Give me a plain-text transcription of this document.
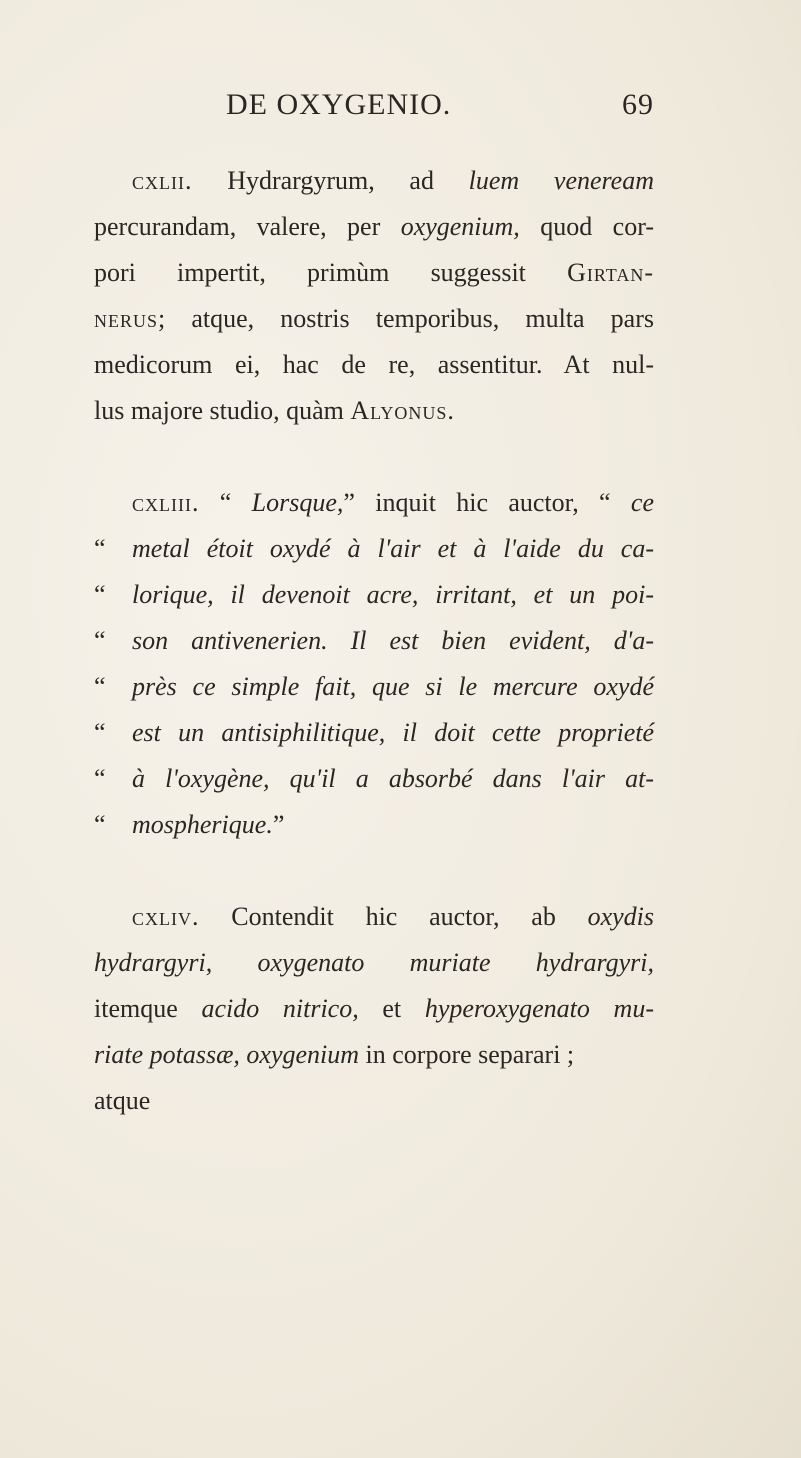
DE OXYGENIO.	69
cxlii. Hydrargyrum, ad luem veneream
percurandam, valere, per oxygenium, quod cor-
pori impertit, primùm suggessit Girtan-
nerus; atque, nostris temporibus, multa pars
medicorum ei, hac de re, assentitur. At nul-
lus majore studio, quàm Alyonus.
cxliii. “ Lorsque,” inquit hic auctor, “ ce
“ metal étoit oxydé à l'air et à l'aide du ca-
“ lorique, il devenoit acre, irritant, et un poi-
“ son antivenerien. Il est bien evident, d'a-
“ près ce simple fait, que si le mercure oxydé
“ est un antisiphilitique, il doit cette proprieté
“ à l'oxygène, qu'il a absorbé dans l'air at-
“ mospherique.”
cxliv. Contendit hic auctor, ab oxydis
hydrargyri, oxygenato muriate hydrargyri,
itemque acido nitrico, et hyperoxygenato mu-
riate potassæ, oxygenium in corpore separari ;
atque
